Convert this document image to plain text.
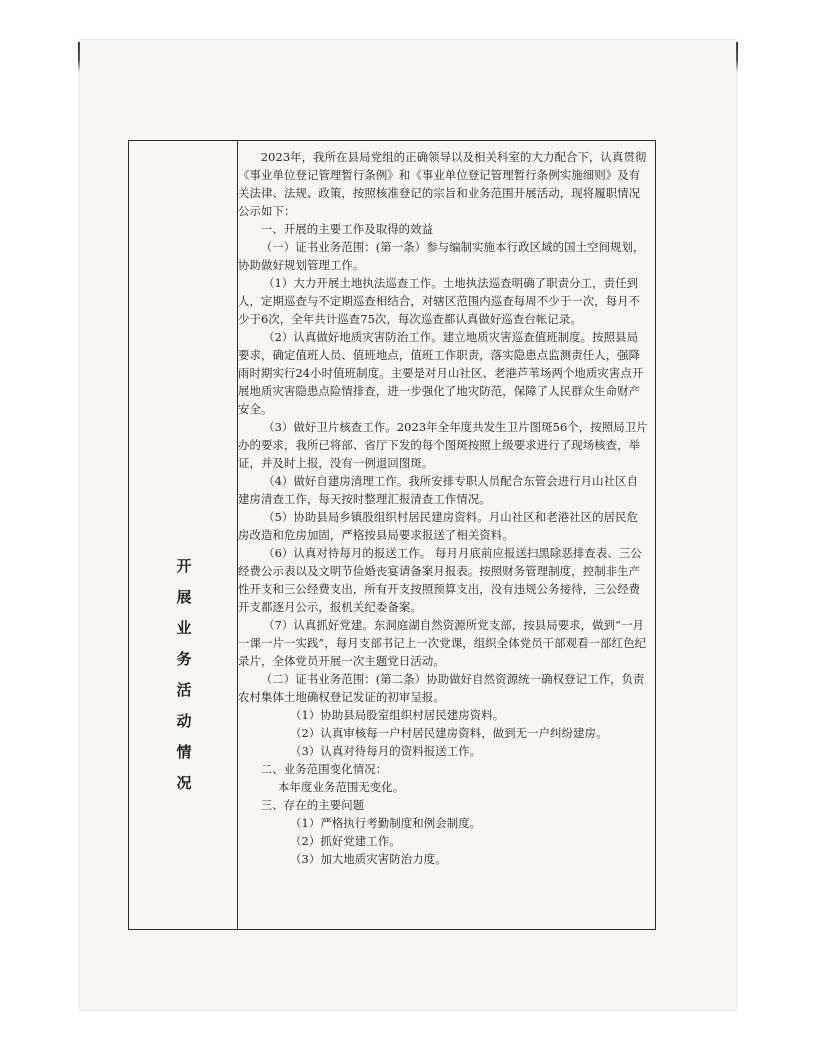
开
展
业
务
活
动
情
况

2023年，我所在县局党组的正确领导以及相关科室的大力配合下，认真贯彻《事业单位登记管理暂行条例》和《事业单位登记管理暂行条例实施细则》及有关法律、法规、政策，按照核准登记的宗旨和业务范围开展活动，现将履职情况公示如下：

一、开展的主要工作及取得的效益

（一）证书业务范围：(第一条）参与编制实施本行政区域的国土空间规划，协助做好规划管理工作。

（1）大力开展土地执法巡查工作。土地执法巡查明确了职责分工，责任到人，定期巡查与不定期巡查相结合，对辖区范围内巡查每周不少于一次，每月不少于6次，全年共计巡查75次，每次巡查都认真做好巡查台帐记录。

（2）认真做好地质灾害防治工作。建立地质灾害巡查值班制度。按照县局要求，确定值班人员、值班地点，值班工作职责，落实隐患点监测责任人，强降雨时期实行24小时值班制度。主要是对月山社区、老港芦苇场两个地质灾害点开展地质灾害隐患点险情排查，进一步强化了地灾防范，保障了人民群众生命财产安全。

（3）做好卫片核查工作。2023年全年度共发生卫片图斑56个，按照局卫片办的要求，我所已将部、省厅下发的每个图斑按照上级要求进行了现场核查，举证，并及时上报，没有一例退回图斑。

（4）做好自建房清理工作。我所安排专职人员配合东管会进行月山社区自建房清查工作，每天按时整理汇报清查工作情况。

（5）协助县局乡镇股组织村居民建房资料。月山社区和老港社区的居民危房改造和危房加固，严格按县局要求报送了相关资料。

（6）认真对待每月的报送工作。 每月月底前应报送扫黑除恶排查表、三公经费公示表以及文明节俭婚丧宴请备案月报表。按照财务管理制度，控制非生产性开支和三公经费支出，所有开支按照预算支出，没有违规公务接待，三公经费开支都逐月公示，报机关纪委备案。

（7）认真抓好党建。东洞庭湖自然资源所党支部，按县局要求，做到“一月一课一片一实践”，每月支部书记上一次党课，组织全体党员干部观看一部红色纪录片，全体党员开展一次主题党日活动。

（二）证书业务范围：(第二条）协助做好自然资源统一确权登记工作，负责农村集体土地确权登记发证的初审呈报。

（1）协助县局股室组织村居民建房资料。

（2）认真审核每一户村居民建房资料，做到无一户纠纷建房。

（3）认真对待每月的资料报送工作。

二、业务范围变化情况：

本年度业务范围无变化。

三、存在的主要问题

（1）严格执行考勤制度和例会制度。

（2）抓好党建工作。

（3）加大地质灾害防治力度。
